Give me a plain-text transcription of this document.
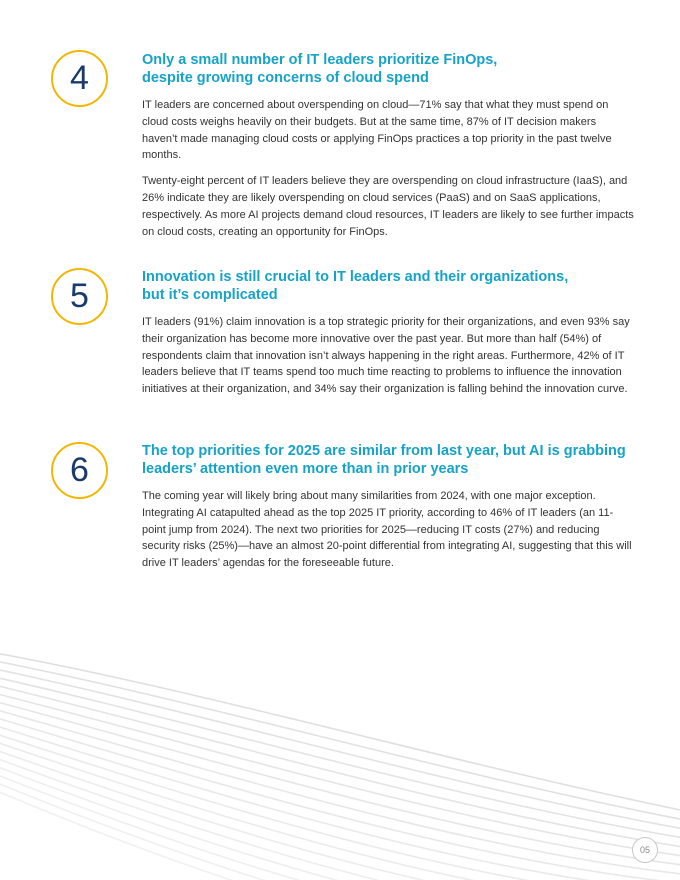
4	Only a small number of IT leaders prioritize FinOps,
despite growing concerns of cloud spend

IT leaders are concerned about overspending on cloud—71% say that what they must spend on cloud costs weighs heavily on their budgets. But at the same time, 87% of IT decision makers haven’t made managing cloud costs or applying FinOps practices a top priority in the past twelve months.

Twenty-eight percent of IT leaders believe they are overspending on cloud infrastructure (IaaS), and 26% indicate they are likely overspending on cloud services (PaaS) and on SaaS applications, respectively. As more AI projects demand cloud resources, IT leaders are likely to see further impacts on cloud costs, creating an opportunity for FinOps.

5	Innovation is still crucial to IT leaders and their organizations,
but it’s complicated

IT leaders (91%) claim innovation is a top strategic priority for their organizations, and even 93% say their organization has become more innovative over the past year. But more than half (54%) of respondents claim that innovation isn’t always happening in the right areas. Furthermore, 42% of IT leaders believe that IT teams spend too much time reacting to problems to influence the innovation initiatives at their organization, and 34% say their organization is falling behind the innovation curve.

6	The top priorities for 2025 are similar from last year, but AI is grabbing
leaders’ attention even more than in prior years

The coming year will likely bring about many similarities from 2024, with one major exception. Integrating AI catapulted ahead as the top 2025 IT priority, according to 46% of IT leaders (an 11-point jump from 2024). The next two priorities for 2025—reducing IT costs (27%) and reducing security risks (25%)—have an almost 20-point differential from integrating AI, suggesting that this will drive IT leaders’ agendas for the foreseeable future.

05
